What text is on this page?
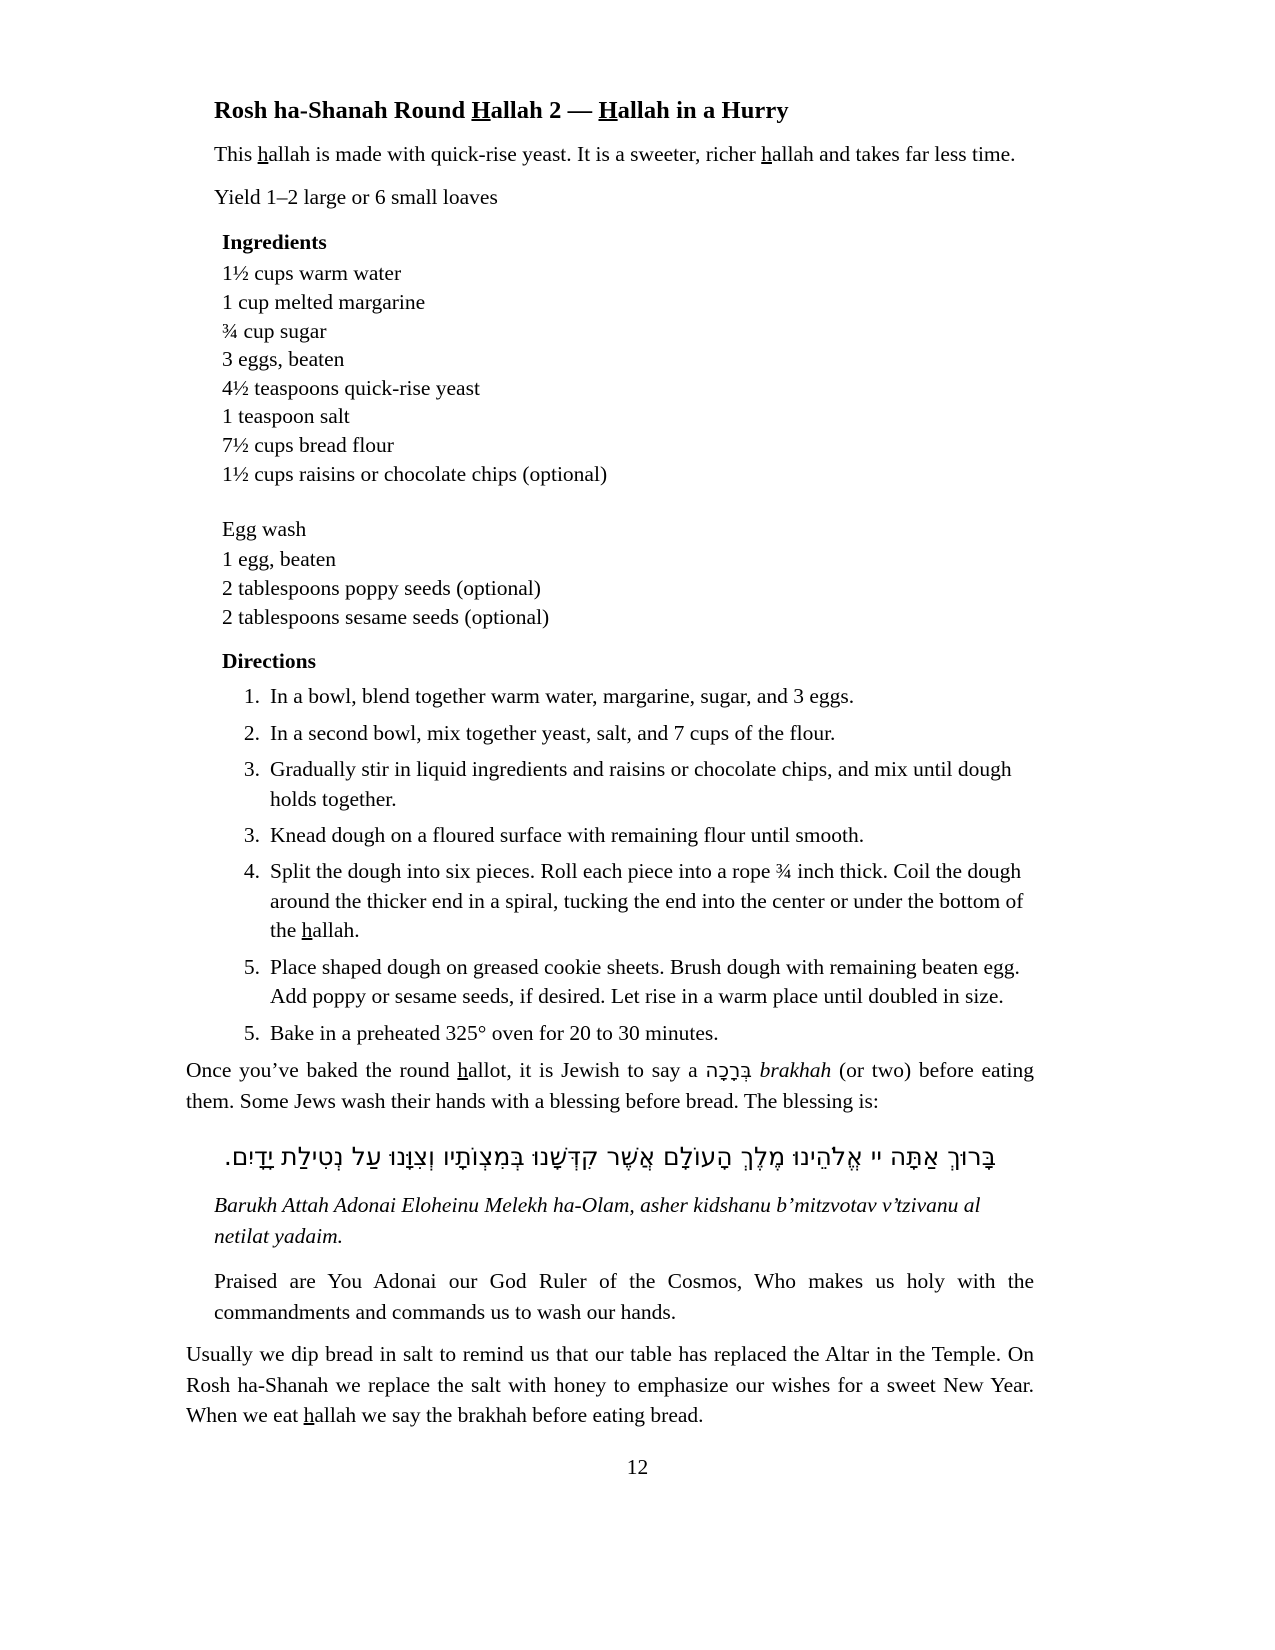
Rosh ha-Shanah Round Hallah 2 — Hallah in a Hurry

This hallah is made with quick-rise yeast. It is a sweeter, richer hallah and takes far less time.

Yield 1–2 large or 6 small loaves

Ingredients
1½ cups warm water
1 cup melted margarine
¾ cup sugar
3 eggs, beaten
4½ teaspoons quick-rise yeast
1 teaspoon salt
7½ cups bread flour
1½ cups raisins or chocolate chips (optional)
Egg wash
1 egg, beaten
2 tablespoons poppy seeds (optional)
2 tablespoons sesame seeds (optional)
Directions
1. In a bowl, blend together warm water, margarine, sugar, and 3 eggs.
2. In a second bowl, mix together yeast, salt, and 7 cups of the flour.
3. Gradually stir in liquid ingredients and raisins or chocolate chips, and mix until dough holds together.
3. Knead dough on a floured surface with remaining flour until smooth.
4. Split the dough into six pieces. Roll each piece into a rope ¾ inch thick. Coil the dough around the thicker end in a spiral, tucking the end into the center or under the bottom of the hallah.
5. Place shaped dough on greased cookie sheets. Brush dough with remaining beaten egg. Add poppy or sesame seeds, if desired. Let rise in a warm place until doubled in size.
5. Bake in a preheated 325° oven for 20 to 30 minutes.

Once you’ve baked the round hallot, it is Jewish to say a בְּרָכָה brakhah (or two) before eating them. Some Jews wash their hands with a blessing before bread. The blessing is:

בָּרוּךְ אַתָּה יי אֱלֹהֵינוּ מֶלֶךְ הָעוֹלָם אֲשֶׁר קִדְּשָׁנוּ בְּמִצְוֹתָיו וְצִוָּנוּ עַל נְטִילַת יָדָיִם.

Barukh Attah Adonai Eloheinu Melekh ha-Olam, asher kidshanu b’mitzvotav v’tzivanu al netilat yadaim.

Praised are You Adonai our God Ruler of the Cosmos, Who makes us holy with the commandments and commands us to wash our hands.

Usually we dip bread in salt to remind us that our table has replaced the Altar in the Temple. On Rosh ha-Shanah we replace the salt with honey to emphasize our wishes for a sweet New Year. When we eat hallah we say the brakhah before eating bread.

12
